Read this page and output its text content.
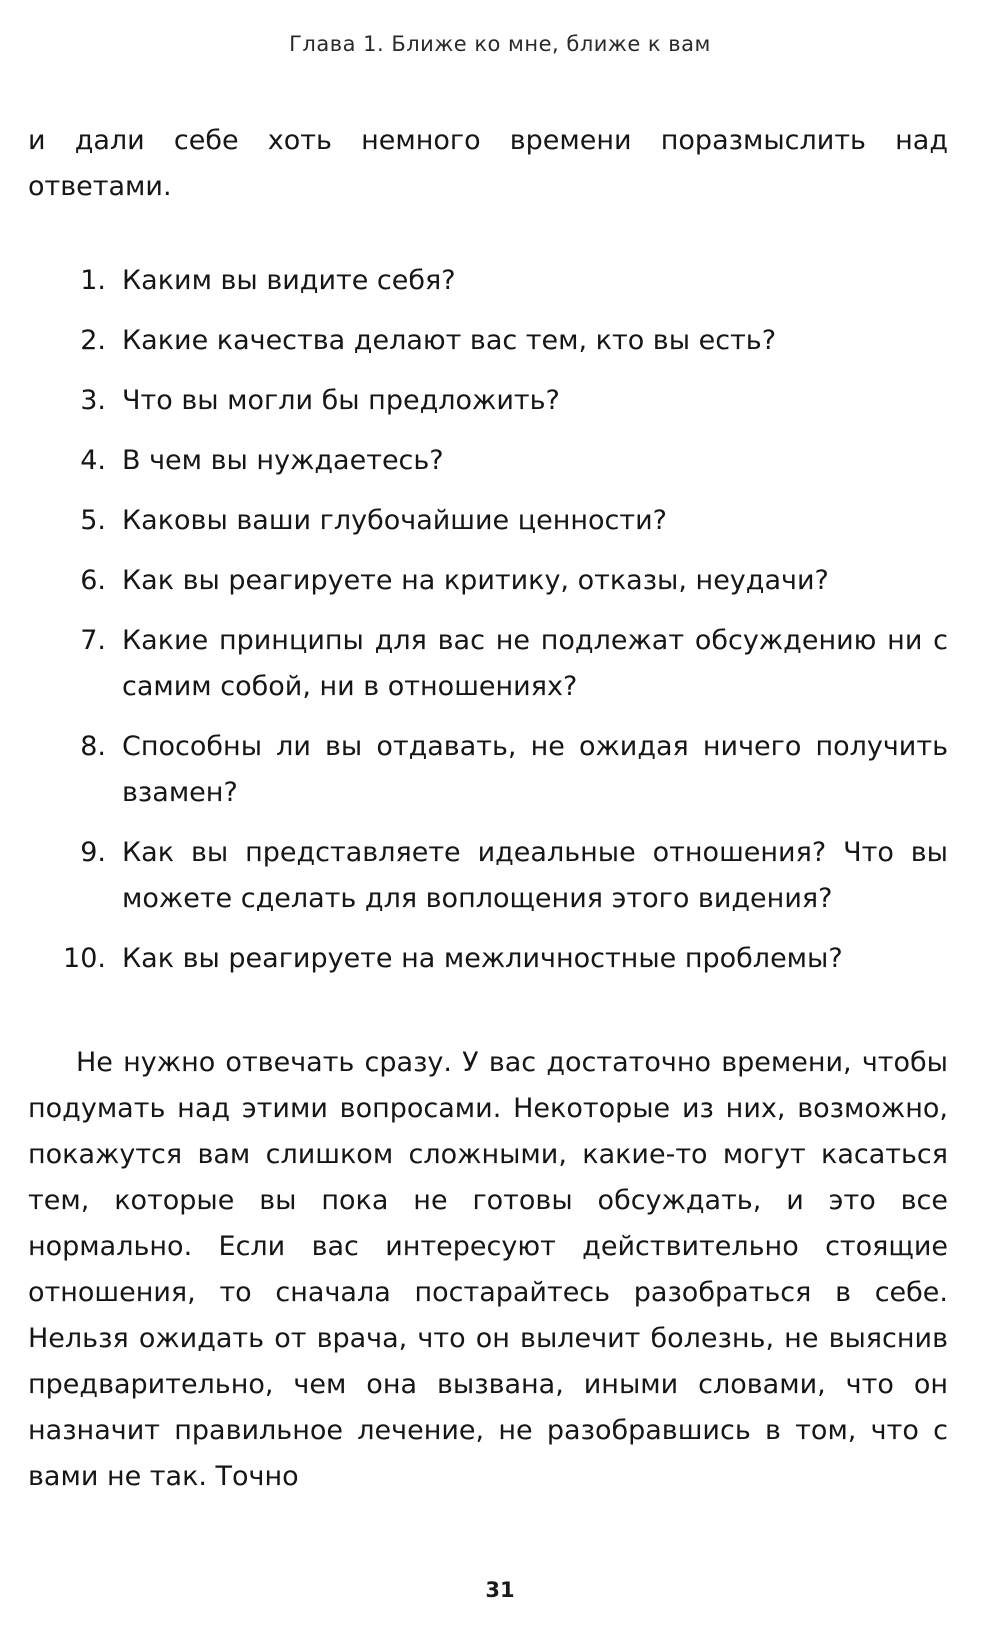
Глава 1. Ближе ко мне, ближе к вам

и дали себе хоть немного времени поразмыслить над ответами.

1. Каким вы видите себя?
2. Какие качества делают вас тем, кто вы есть?
3. Что вы могли бы предложить?
4. В чем вы нуждаетесь?
5. Каковы ваши глубочайшие ценности?
6. Как вы реагируете на критику, отказы, неудачи?
7. Какие принципы для вас не подлежат обсуждению ни с самим собой, ни в отношениях?
8. Способны ли вы отдавать, не ожидая ничего получить взамен?
9. Как вы представляете идеальные отношения? Что вы можете сделать для воплощения этого видения?
10. Как вы реагируете на межличностные проблемы?

Не нужно отвечать сразу. У вас достаточно времени, чтобы подумать над этими вопросами. Некоторые из них, возможно, покажутся вам слишком сложными, какие-то могут касаться тем, которые вы пока не готовы обсуждать, и это все нормально. Если вас интересуют действительно стоящие отношения, то сначала постарайтесь разобраться в себе. Нельзя ожидать от врача, что он вылечит болезнь, не выяснив предварительно, чем она вызвана, иными словами, что он назначит правильное лечение, не разобравшись в том, что с вами не так. Точно

31
